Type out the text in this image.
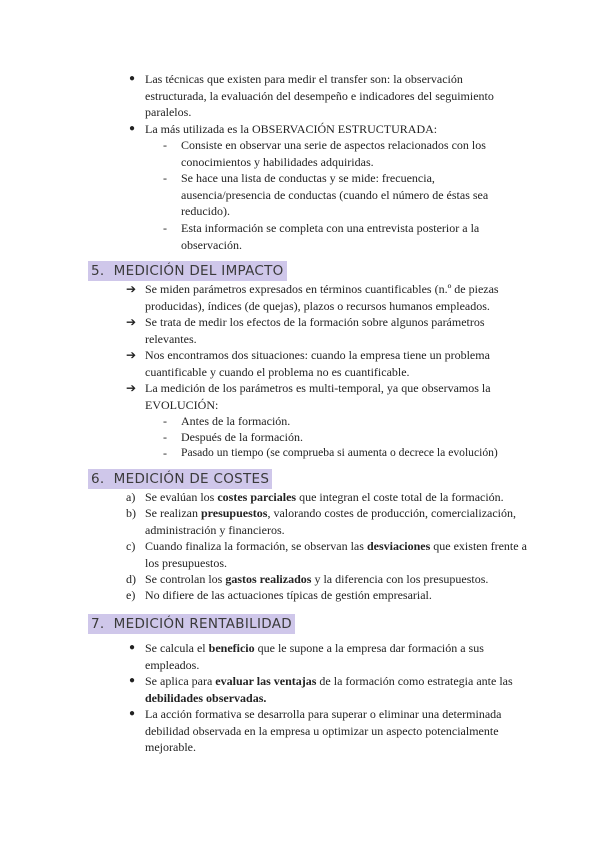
● Las técnicas que existen para medir el transfer son: la observación estructurada, la evaluación del desempeño e indicadores del seguimiento paralelos.
● La más utilizada es la OBSERVACIÓN ESTRUCTURADA:
-	Consiste en observar una serie de aspectos relacionados con los conocimientos y habilidades adquiridas.
-	Se hace una lista de conductas y se mide: frecuencia, ausencia/presencia de conductas (cuando el número de éstas sea reducido).
-	Esta información se completa con una entrevista posterior a la observación.
5. MEDICIÓN DEL IMPACTO
➔ Se miden parámetros expresados en términos cuantificables (n.º de piezas producidas), índices (de quejas), plazos o recursos humanos empleados.
➔ Se trata de medir los efectos de la formación sobre algunos parámetros relevantes.
➔ Nos encontramos dos situaciones: cuando la empresa tiene un problema cuantificable y cuando el problema no es cuantificable.
➔ La medición de los parámetros es multi-temporal, ya que observamos la EVOLUCIÓN:
-	Antes de la formación.
-	Después de la formación.
-	Pasado un tiempo (se comprueba si aumenta o decrece la evolución)
6. MEDICIÓN DE COSTES
a) Se evalúan los costes parciales que integran el coste total de la formación.
b) Se realizan presupuestos, valorando costes de producción, comercialización, administración y financieros.
c) Cuando finaliza la formación, se observan las desviaciones que existen frente a los presupuestos.
d) Se controlan los gastos realizados y la diferencia con los presupuestos.
e) No difiere de las actuaciones típicas de gestión empresarial.
7. MEDICIÓN RENTABILIDAD
● Se calcula el beneficio que le supone a la empresa dar formación a sus empleados.
● Se aplica para evaluar las ventajas de la formación como estrategia ante las debilidades observadas.
● La acción formativa se desarrolla para superar o eliminar una determinada debilidad observada en la empresa u optimizar un aspecto potencialmente mejorable.
